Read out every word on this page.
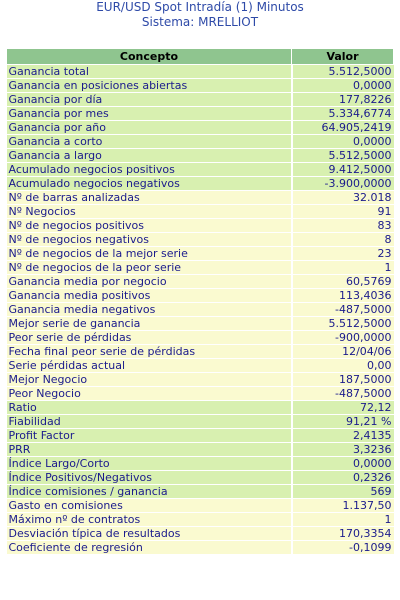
EUR/USD Spot Intradía (1) Minutos
Sistema: MRELLIOT
Concepto	Valor
Ganancia total	5.512,5000
Ganancia en posiciones abiertas	0,0000
Ganancia por día	177,8226
Ganancia por mes	5.334,6774
Ganancia por año	64.905,2419
Ganancia a corto	0,0000
Ganancia a largo	5.512,5000
Acumulado negocios positivos	9.412,5000
Acumulado negocios negativos	-3.900,0000
Nº de barras analizadas	32.018
Nº Negocios	91
Nº de negocios positivos	83
Nº de negocios negativos	8
Nº de negocios de la mejor serie	23
Nº de negocios de la peor serie	1
Ganancia media por negocio	60,5769
Ganancia media positivos	113,4036
Ganancia media negativos	-487,5000
Mejor serie de ganancia	5.512,5000
Peor serie de pérdidas	-900,0000
Fecha final peor serie de pérdidas	12/04/06
Serie pérdidas actual	0,00
Mejor Negocio	187,5000
Peor Negocio	-487,5000
Ratio	72,12
Fiabilidad	91,21 %
Profit Factor	2,4135
PRR	3,3236
Índice Largo/Corto	0,0000
Índice Positivos/Negativos	0,2326
Índice comisiones / ganancia	569
Gasto en comisiones	1.137,50
Máximo nº de contratos	1
Desviación típica de resultados	170,3354
Coeficiente de regresión	-0,1099
